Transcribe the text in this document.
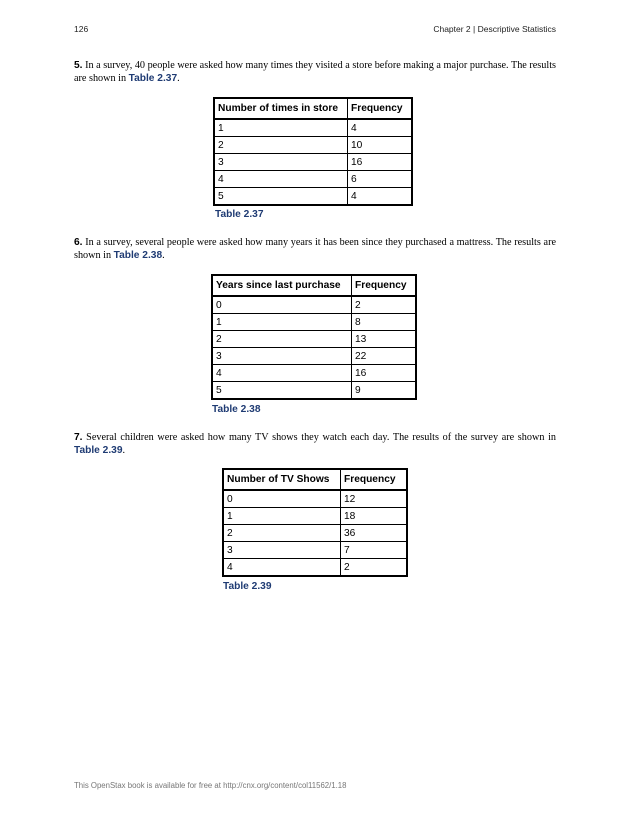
126	Chapter 2 | Descriptive Statistics
5. In a survey, 40 people were asked how many times they visited a store before making a major purchase. The results are shown in Table 2.37.
Number of times in store	Frequency
1	4
2	10
3	16
4	6
5	4
Table 2.37
6. In a survey, several people were asked how many years it has been since they purchased a mattress. The results are shown in Table 2.38.
Years since last purchase	Frequency
0	2
1	8
2	13
3	22
4	16
5	9
Table 2.38
7. Several children were asked how many TV shows they watch each day. The results of the survey are shown in Table 2.39.
Number of TV Shows	Frequency
0	12
1	18
2	36
3	7
4	2
Table 2.39
This OpenStax book is available for free at http://cnx.org/content/col11562/1.18
